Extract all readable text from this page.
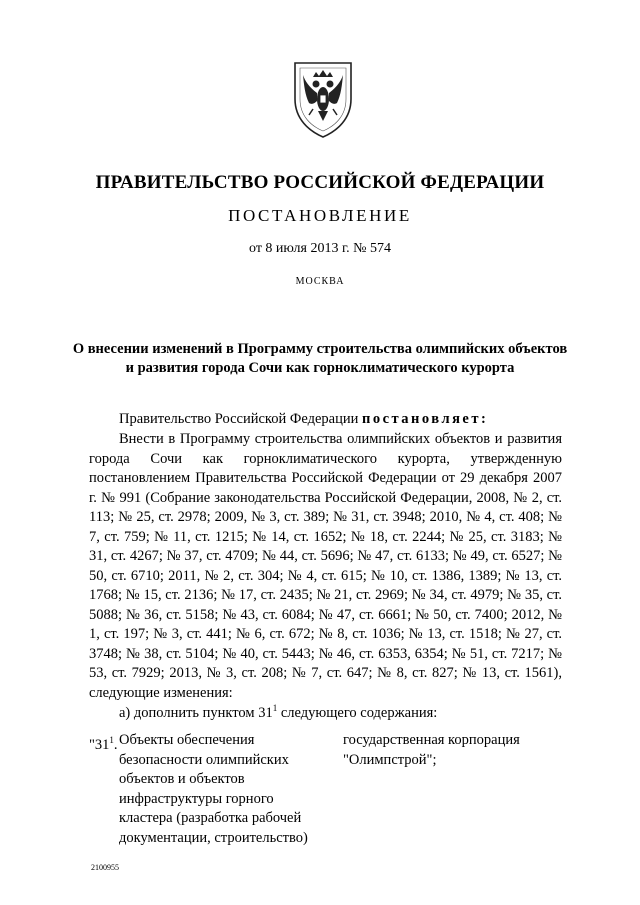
ПРАВИТЕЛЬСТВО РОССИЙСКОЙ ФЕДЕРАЦИИ
ПОСТАНОВЛЕНИЕ
от 8 июля 2013 г. № 574
МОСКВА
О внесении изменений в Программу строительства олимпийских объектов и развития города Сочи как горноклиматического курорта
Правительство Российской Федерации постановляет:
Внести в Программу строительства олимпийских объектов и развития города Сочи как горноклиматического курорта, утвержденную постановлением Правительства Российской Федерации от 29 декабря 2007 г. № 991 (Собрание законодательства Российской Федерации, 2008, № 2, ст. 113; № 25, ст. 2978; 2009, № 3, ст. 389; № 31, ст. 3948; 2010, № 4, ст. 408; № 7, ст. 759; № 11, ст. 1215; № 14, ст. 1652; № 18, ст. 2244; № 25, ст. 3183; № 31, ст. 4267; № 37, ст. 4709; № 44, ст. 5696; № 47, ст. 6133; № 49, ст. 6527; № 50, ст. 6710; 2011, № 2, ст. 304; № 4, ст. 615; № 10, ст. 1386, 1389; № 13, ст. 1768; № 15, ст. 2136; № 17, ст. 2435; № 21, ст. 2969; № 34, ст. 4979; № 35, ст. 5088; № 36, ст. 5158; № 43, ст. 6084; № 47, ст. 6661; № 50, ст. 7400; 2012, № 1, ст. 197; № 3, ст. 441; № 6, ст. 672; № 8, ст. 1036; № 13, ст. 1518; № 27, ст. 3748; № 38, ст. 5104; № 40, ст. 5443; № 46, ст. 6353, 6354; № 51, ст. 7217; № 53, ст. 7929; 2013, № 3, ст. 208; № 7, ст. 647; № 8, ст. 827; № 13, ст. 1561), следующие изменения:
а) дополнить пунктом $31^1$ следующего содержания:
"$31^1$. Объекты обеспечения безопасности олимпийских объектов и объектов инфраструктуры горного кластера (разработка рабочей документации, строительство)
государственная корпорация "Олимпстрой";
2100955
